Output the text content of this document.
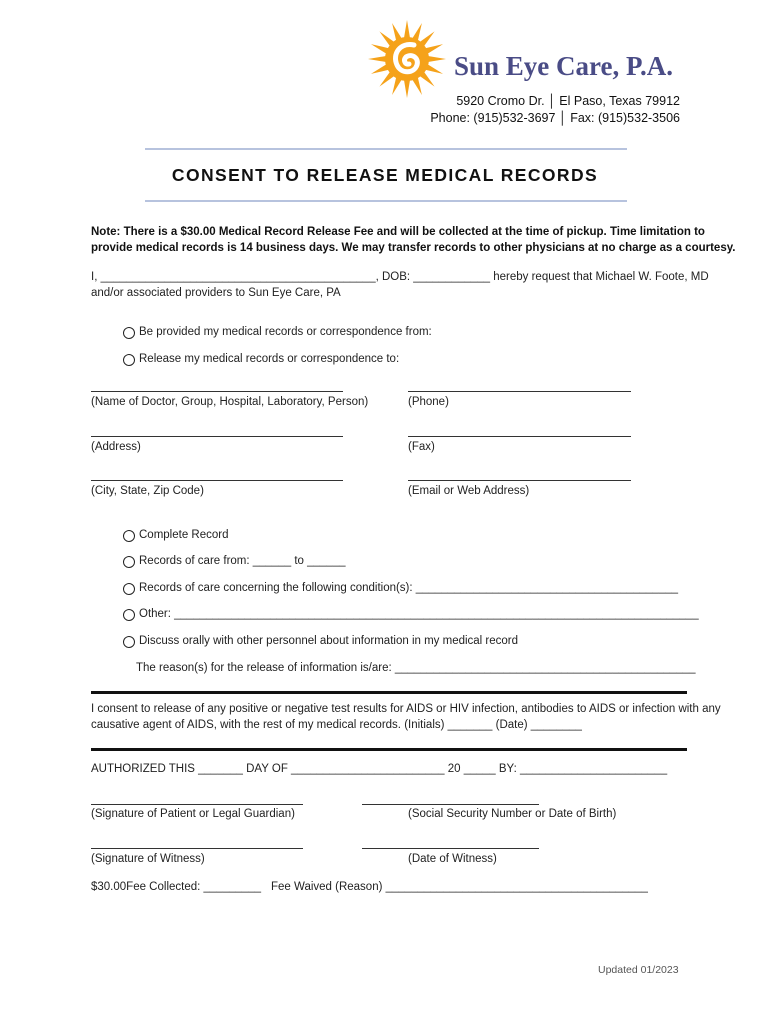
Sun Eye Care, P.A.
5920 Cromo Dr. │ El Paso, Texas 79912
Phone: (915)532-3697 │ Fax: (915)532-3506
CONSENT TO RELEASE MEDICAL RECORDS
Note: There is a $30.00 Medical Record Release Fee and will be collected at the time of pickup. Time limitation to
provide medical records is 14 business days. We may transfer records to other physicians at no charge as a courtesy.
I, ___________________________________________, DOB: ____________ hereby request that Michael W. Foote, MD
and/or associated providers to Sun Eye Care, PA
Be provided my medical records or correspondence from:
Release my medical records or correspondence to:
(Name of Doctor, Group, Hospital, Laboratory, Person)	(Phone)
(Address)	(Fax)
(City, State, Zip Code)	(Email or Web Address)
Complete Record
Records of care from: ______ to ______
Records of care concerning the following condition(s): _________________________________________
Other: __________________________________________________________________________________
Discuss orally with other personnel about information in my medical record
The reason(s) for the release of information is/are: _______________________________________________
I consent to release of any positive or negative test results for AIDS or HIV infection, antibodies to AIDS or infection with any
causative agent of AIDS, with the rest of my medical records. (Initials) _______ (Date) ________
AUTHORIZED THIS _______ DAY OF ________________________ 20 _____ BY: _______________________
(Signature of Patient or Legal Guardian)	(Social Security Number or Date of Birth)
(Signature of Witness)	(Date of Witness)
$30.00Fee Collected: _________ Fee Waived (Reason) _________________________________________
Updated 01/2023
